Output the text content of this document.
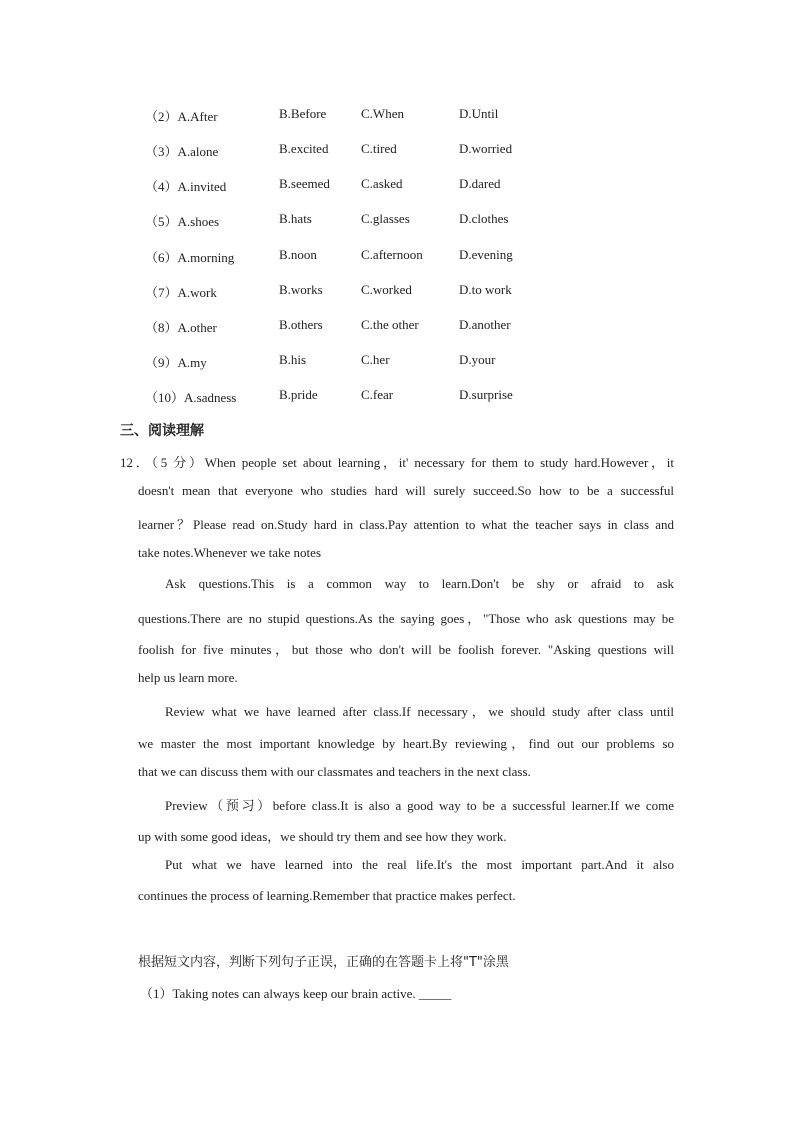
（2）A.After	B.Before	C.When	D.Until
（3）A.alone	B.excited	C.tired	D.worried
（4）A.invited	B.seemed C.asked	D.dared
（5）A.shoes	B.hats	C.glasses	D.clothes
（6）A.morning	B.noon	C.afternoon	D.evening
（7）A.work	B.works	C.worked	D.to work
（8）A.other	B.others	C.the other	D.another
（9）A.my	B.his	C.her	D.your
（10）A.sadness	B.pride	C.fear	D.surprise
三、阅读理解
12．（5 分）When people set about learning，it' necessary for them to study hard.However，it
doesn't mean that everyone who studies hard will surely succeed.So how to be a successful
learner？Please read on.Study hard in class.Pay attention to what the teacher says in class and
take notes.Whenever we take notes
Ask questions.This is a common way to learn.Don't be shy or afraid to ask
questions.There are no stupid questions.As the saying goes，"Those who ask questions may be
foolish for five minutes，but those who don't will be foolish forever. "Asking questions will
help us learn more.
Review what we have learned after class.If necessary，we should study after class until
we master the most important knowledge by heart.By reviewing，find out our problems so
that we can discuss them with our classmates and teachers in the next class.
Preview（预习）before class.It is also a good way to be a successful learner.If we come
up with some good ideas，we should try them and see how they work.
Put what we have learned into the real life.It's the most important part.And it also
continues the process of learning.Remember that practice makes perfect.
根据短文内容，判断下列句子正误，正确的在答题卡上将"T"涂黑
（1）Taking notes can always keep our brain active. _____
